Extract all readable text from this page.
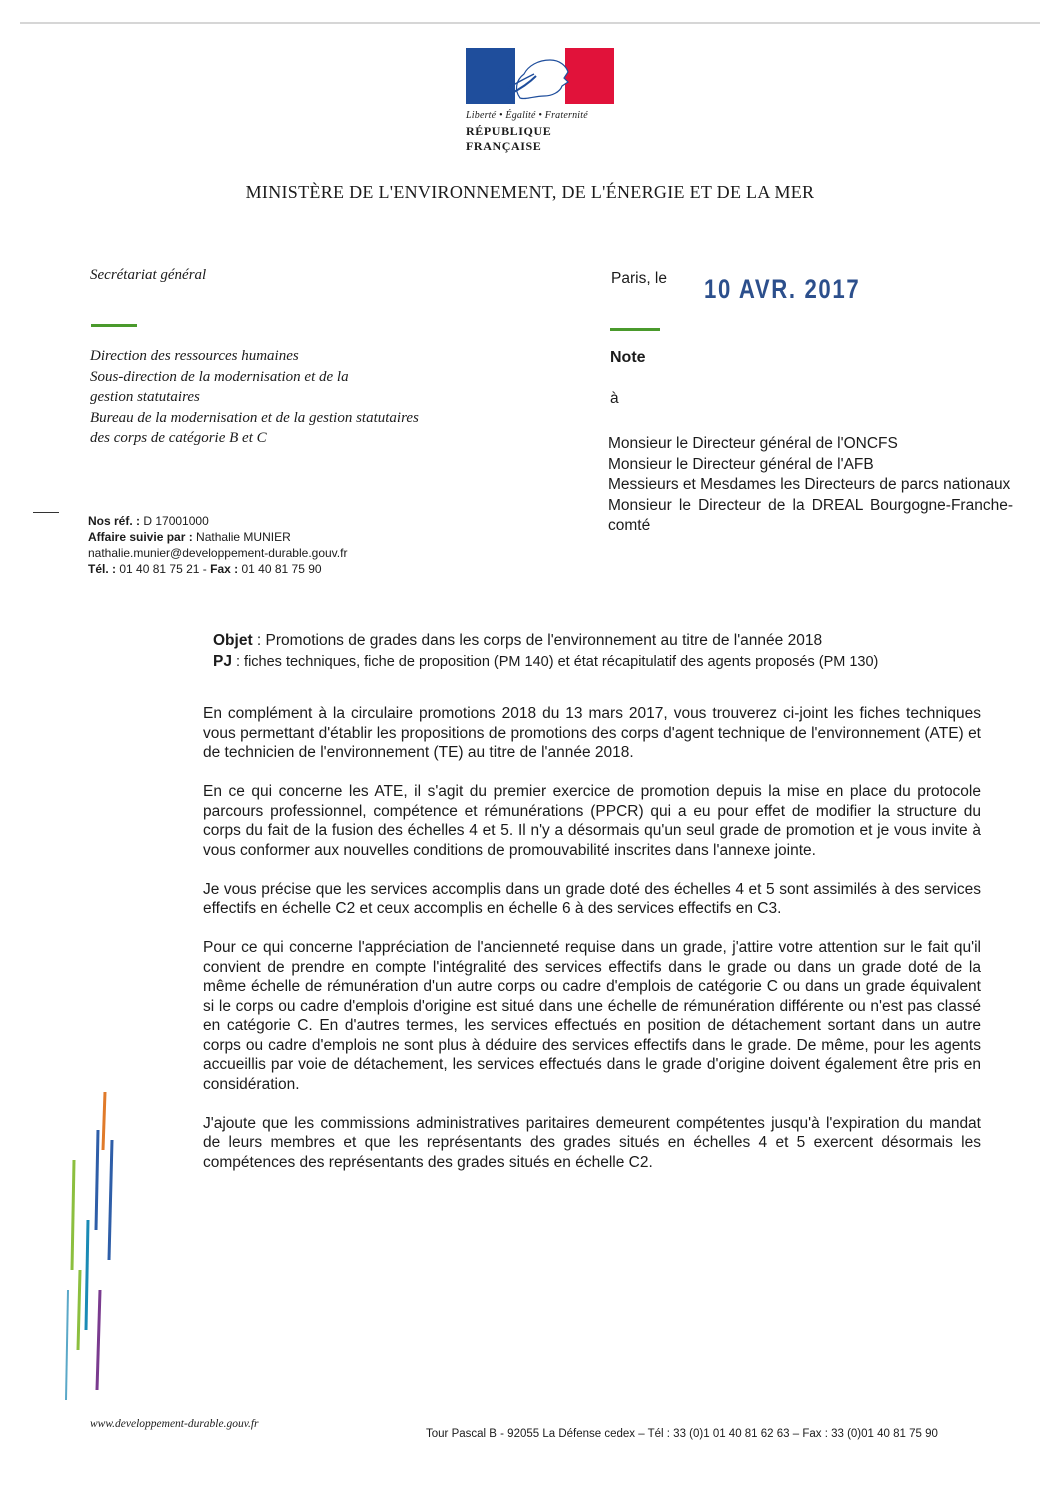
Liberté • Égalité • Fraternité
RÉPUBLIQUE FRANÇAISE
MINISTÈRE DE L'ENVIRONNEMENT, DE L'ÉNERGIE ET DE LA MER
Secrétariat général
Direction des ressources humaines
Sous-direction de la modernisation et de la
gestion statutaires
Bureau de la modernisation et de la gestion statutaires
des corps de catégorie B et C
Nos réf. : D 17001000
Affaire suivie par : Nathalie MUNIER
nathalie.munier@developpement-durable.gouv.fr
Tél. : 01 40 81 75 21 - Fax : 01 40 81 75 90
Paris, le 10 AVR. 2017
Note
à
Monsieur le Directeur général de l'ONCFS
Monsieur le Directeur général de l'AFB
Messieurs et Mesdames les Directeurs de parcs nationaux
Monsieur le Directeur de la DREAL Bourgogne-Franche-comté
Objet : Promotions de grades dans les corps de l'environnement au titre de l'année 2018
PJ : fiches techniques, fiche de proposition (PM 140) et état récapitulatif des agents proposés (PM 130)

En complément à la circulaire promotions 2018 du 13 mars 2017, vous trouverez ci-joint les fiches techniques vous permettant d'établir les propositions de promotions des corps d'agent technique de l'environnement (ATE) et de technicien de l'environnement (TE) au titre de l'année 2018.

En ce qui concerne les ATE, il s'agit du premier exercice de promotion depuis la mise en place du protocole parcours professionnel, compétence et rémunérations (PPCR) qui a eu pour effet de modifier la structure du corps du fait de la fusion des échelles 4 et 5. Il n'y a désormais qu'un seul grade de promotion et je vous invite à vous conformer aux nouvelles conditions de promouvabilité inscrites dans l'annexe jointe.

Je vous précise que les services accomplis dans un grade doté des échelles 4 et 5 sont assimilés à des services effectifs en échelle C2 et ceux accomplis en échelle 6 à des services effectifs en C3.

Pour ce qui concerne l'appréciation de l'ancienneté requise dans un grade, j'attire votre attention sur le fait qu'il convient de prendre en compte l'intégralité des services effectifs dans le grade ou dans un grade doté de la même échelle de rémunération d'un autre corps ou cadre d'emplois de catégorie C ou dans un grade équivalent si le corps ou cadre d'emplois d'origine est situé dans une échelle de rémunération différente ou n'est pas classé en catégorie C. En d'autres termes, les services effectués en position de détachement sortant dans un autre corps ou cadre d'emplois ne sont plus à déduire des services effectifs dans le grade. De même, pour les agents accueillis par voie de détachement, les services effectués dans le grade d'origine doivent également être pris en considération.

J'ajoute que les commissions administratives paritaires demeurent compétentes jusqu'à l'expiration du mandat de leurs membres et que les représentants des grades situés en échelles 4 et 5 exercent désormais les compétences des représentants des grades situés en échelle C2.

www.developpement-durable.gouv.fr
Tour Pascal B - 92055 La Défense cedex – Tél : 33 (0)1 01 40 81 62 63 – Fax : 33 (0)01 40 81 75 90
